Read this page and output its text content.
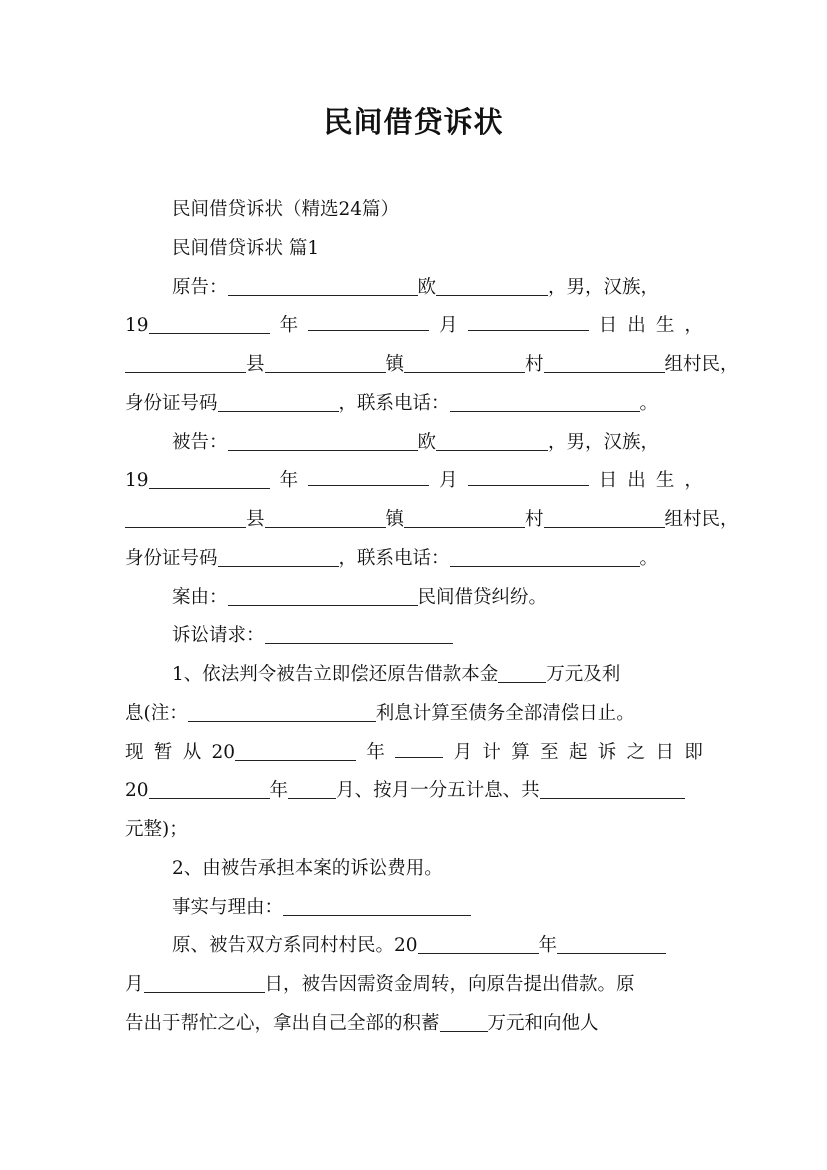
民间借贷诉状
民间借贷诉状（精选24篇）
民间借贷诉状 篇1
原告：	欧	，男，汉族，
19	年	月	日 出 生 ，
县	镇	村	组村民，
身份证号码	，联系电话：	。
被告：	欧	，男，汉族，
19	年	月	日 出 生 ，
县	镇	村	组村民，
身份证号码	，联系电话：	。
案由：	民间借贷纠纷。
诉讼请求：
1、依法判令被告立即偿还原告借款本金	万元及利
息(注：	利息计算至债务全部清偿日止。
现 暂 从 20	年	月 计 算 至 起 诉 之 日 即
20	年	月、按月一分五计息、共
元整)；
2、由被告承担本案的诉讼费用。
事实与理由：
原、被告双方系同村村民。20	年
月	日，被告因需资金周转，向原告提出借款。原
告出于帮忙之心，拿出自己全部的积蓄	万元和向他人
